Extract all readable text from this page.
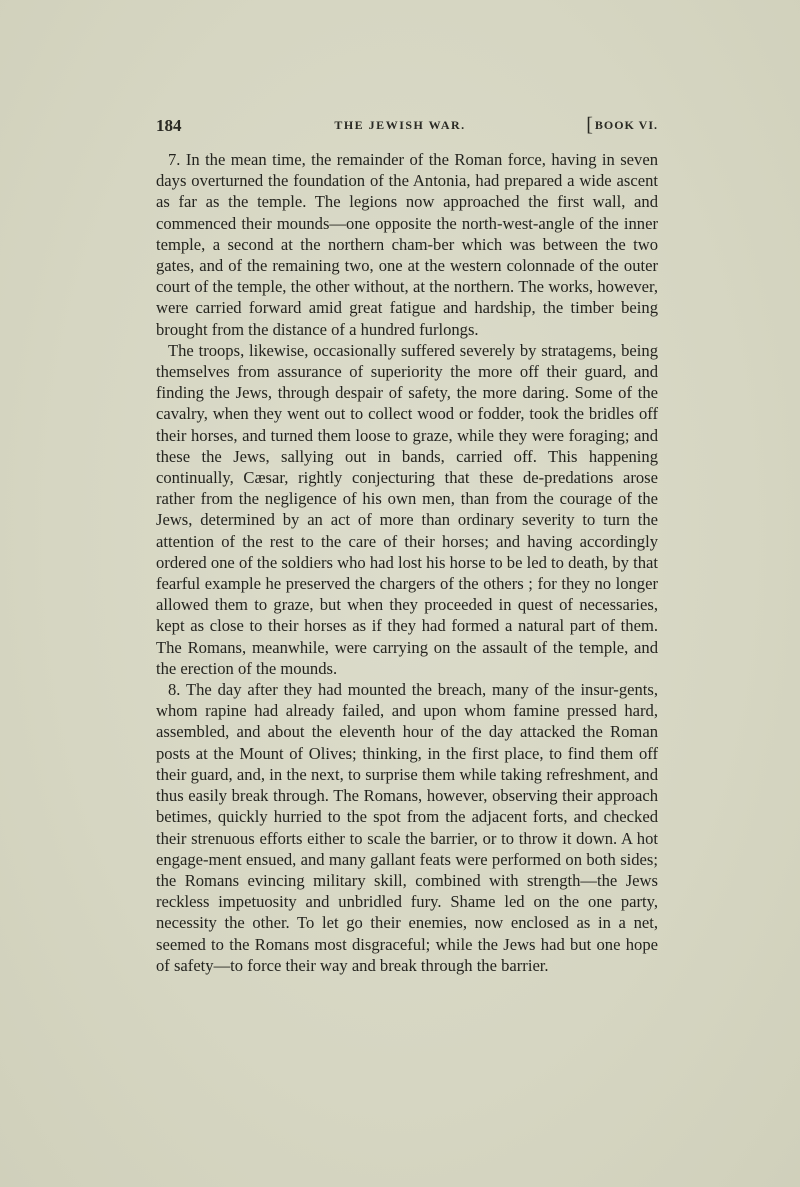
184	THE JEWISH WAR.	[BOOK VI.

7. In the mean time, the remainder of the Roman force, having in seven days overturned the foundation of the Antonia, had prepared a wide ascent as far as the temple. The legions now approached the first wall, and commenced their mounds—one opposite the north-west-angle of the inner temple, a second at the northern cham-ber which was between the two gates, and of the remaining two, one at the western colonnade of the outer court of the temple, the other without, at the northern. The works, however, were carried forward amid great fatigue and hardship, the timber being brought from the distance of a hundred furlongs.

The troops, likewise, occasionally suffered severely by stratagems, being themselves from assurance of superiority the more off their guard, and finding the Jews, through despair of safety, the more daring. Some of the cavalry, when they went out to collect wood or fodder, took the bridles off their horses, and turned them loose to graze, while they were foraging; and these the Jews, sallying out in bands, carried off. This happening continually, Cæsar, rightly conjecturing that these de-predations arose rather from the negligence of his own men, than from the courage of the Jews, determined by an act of more than ordinary severity to turn the attention of the rest to the care of their horses; and having accordingly ordered one of the soldiers who had lost his horse to be led to death, by that fearful example he preserved the chargers of the others ; for they no longer allowed them to graze, but when they proceeded in quest of necessaries, kept as close to their horses as if they had formed a natural part of them. The Romans, meanwhile, were carrying on the assault of the temple, and the erection of the mounds.

8. The day after they had mounted the breach, many of the insur-gents, whom rapine had already failed, and upon whom famine pressed hard, assembled, and about the eleventh hour of the day attacked the Roman posts at the Mount of Olives; thinking, in the first place, to find them off their guard, and, in the next, to surprise them while taking refreshment, and thus easily break through. The Romans, however, observing their approach betimes, quickly hurried to the spot from the adjacent forts, and checked their strenuous efforts either to scale the barrier, or to throw it down. A hot engage-ment ensued, and many gallant feats were performed on both sides; the Romans evincing military skill, combined with strength—the Jews reckless impetuosity and unbridled fury. Shame led on the one party, necessity the other. To let go their enemies, now enclosed as in a net, seemed to the Romans most disgraceful; while the Jews had but one hope of safety—to force their way and break through the barrier.
